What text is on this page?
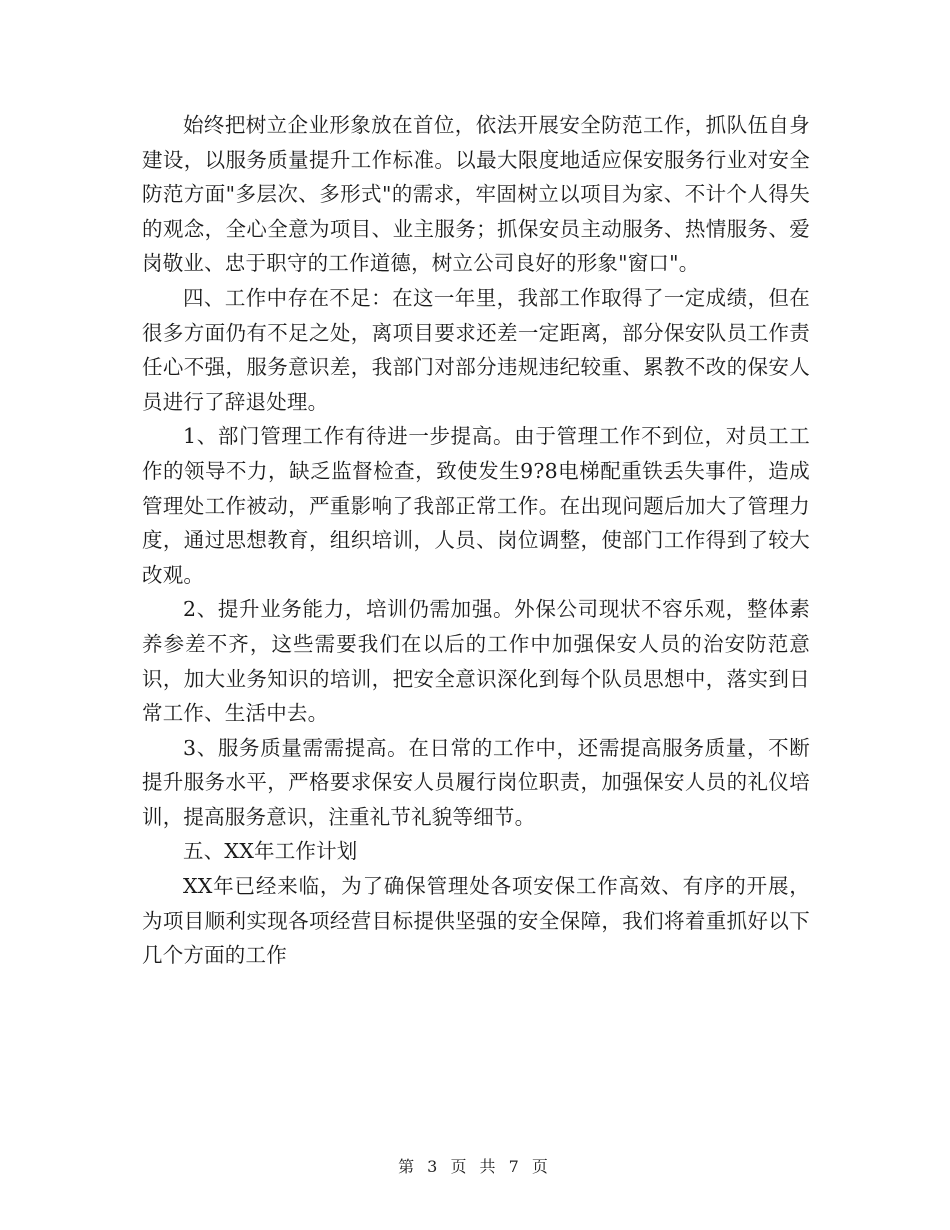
始终把树立企业形象放在首位，依法开展安全防范工作，抓队伍自身建设，以服务质量提升工作标准。以最大限度地适应保安服务行业对安全防范方面"多层次、多形式"的需求，牢固树立以项目为家、不计个人得失的观念，全心全意为项目、业主服务；抓保安员主动服务、热情服务、爱岗敬业、忠于职守的工作道德，树立公司良好的形象"窗口"。

四、工作中存在不足：在这一年里，我部工作取得了一定成绩，但在很多方面仍有不足之处，离项目要求还差一定距离，部分保安队员工作责任心不强，服务意识差，我部门对部分违规违纪较重、累教不改的保安人员进行了辞退处理。

1、部门管理工作有待进一步提高。由于管理工作不到位，对员工工作的领导不力，缺乏监督检查，致使发生9?8电梯配重铁丢失事件，造成管理处工作被动，严重影响了我部正常工作。在出现问题后加大了管理力度，通过思想教育，组织培训，人员、岗位调整，使部门工作得到了较大改观。

2、提升业务能力，培训仍需加强。外保公司现状不容乐观，整体素养参差不齐，这些需要我们在以后的工作中加强保安人员的治安防范意识，加大业务知识的培训，把安全意识深化到每个队员思想中，落实到日常工作、生活中去。

3、服务质量需需提高。在日常的工作中，还需提高服务质量，不断提升服务水平，严格要求保安人员履行岗位职责，加强保安人员的礼仪培训，提高服务意识，注重礼节礼貌等细节。

五、XX年工作计划

XX年已经来临，为了确保管理处各项安保工作高效、有序的开展，为项目顺利实现各项经营目标提供坚强的安全保障，我们将着重抓好以下几个方面的工作

第 3 页 共 7 页
